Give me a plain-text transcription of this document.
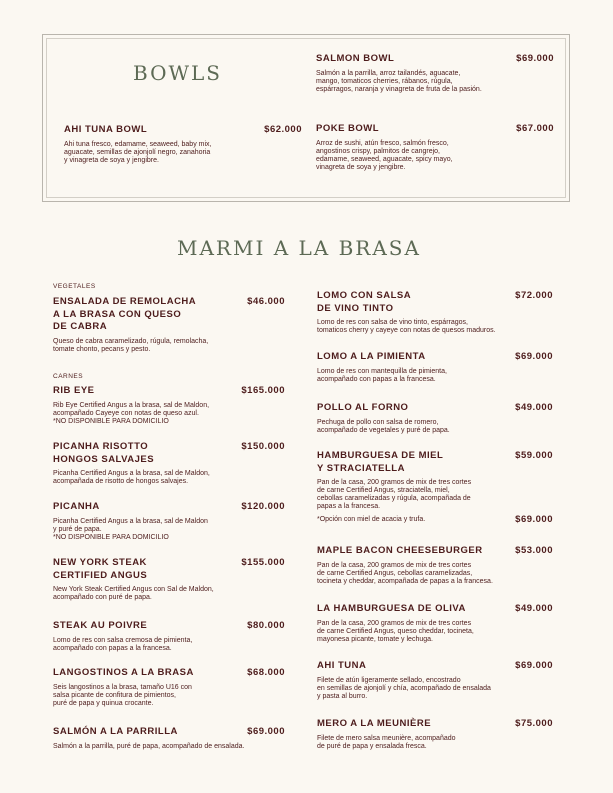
BOWLS
MARMI A LA BRASA
VEGETALES
CARNES
SALMON BOWL	$69.000
Salmón a la parrilla, arroz tailandés, aguacate,
mango, tomaticos cherries, rábanos, rúgula,
espárragos, naranja y vinagreta de fruta de la pasión.
AHI TUNA BOWL	$62.000
Ahi tuna fresco, edamame, seaweed, baby mix,
aguacate, semillas de ajonjolí negro, zanahoria
y vinagreta de soya y jengibre.
POKE BOWL	$67.000
Arroz de sushi, atún fresco, salmón fresco,
angostinos crispy, palmitos de cangrejo,
edamame, seaweed, aguacate, spicy mayo,
vinagreta de soya y jengibre.
ENSALADA DE REMOLACHA
A LA BRASA CON QUESO
DE CABRA
$46.000
Queso de cabra caramelizado, rúgula, remolacha,
tomate chonto, pecans y pesto.
RIB EYE	$165.000
Rib Eye Certified Angus a la brasa, sal de Maldon,
acompañado Cayeye con notas de queso azul.
*NO DISPONIBLE PARA DOMICILIO
PICANHA RISOTTO
HONGOS SALVAJES
$150.000
Picanha Certified Angus a la brasa, sal de Maldon,
acompañada de risotto de hongos salvajes.
PICANHA	$120.000
Picanha Certified Angus a la brasa, sal de Maldon
y puré de papa.
*NO DISPONIBLE PARA DOMICILIO
NEW YORK STEAK
CERTIFIED ANGUS
$155.000
New York Steak Certified Angus con Sal de Maldon,
acompañado con puré de papa.
STEAK AU POIVRE	$80.000
Lomo de res con salsa cremosa de pimienta,
acompañado con papas a la francesa.
LANGOSTINOS A LA BRASA	$68.000
Seis langostinos a la brasa, tamaño U16 con
salsa picante de confitura de pimientos,
puré de papa y quinua crocante.
SALMÓN A LA PARRILLA	$69.000
Salmón a la parrilla, puré de papa, acompañado de ensalada.
LOMO CON SALSA
DE VINO TINTO
$72.000
Lomo de res con salsa de vino tinto, espárragos,
tomaticos cherry y cayeye con notas de quesos maduros.
LOMO A LA PIMIENTA	$69.000
Lomo de res con mantequilla de pimienta,
acompañado con papas a la francesa.
POLLO AL FORNO	$49.000
Pechuga de pollo con salsa de romero,
acompañado de vegetales y puré de papa.
HAMBURGUESA DE MIEL
Y STRACIATELLA
$59.000
Pan de la casa, 200 gramos de mix de tres cortes
de carne Certified Angus, straciatella, miel,
cebollas caramelizadas y rúgula, acompañada de
papas a la francesa.
*Opción con miel de acacia y trufa.	$69.000
MAPLE BACON CHEESEBURGER	$53.000
Pan de la casa, 200 gramos de mix de tres cortes
de carne Certified Angus, cebollas caramelizadas,
tocineta y cheddar, acompañada de papas a la francesa.
LA HAMBURGUESA DE OLIVA	$49.000
Pan de la casa, 200 gramos de mix de tres cortes
de carne Certified Angus, queso cheddar, tocineta,
mayonesa picante, tomate y lechuga.
AHI TUNA	$69.000
Filete de atún ligeramente sellado, encostrado
en semillas de ajonjolí y chía, acompañado de ensalada
y pasta al burro.
MERO A LA MEUNIÈRE	$75.000
Filete de mero salsa meunière, acompañado
de puré de papa y ensalada fresca.
